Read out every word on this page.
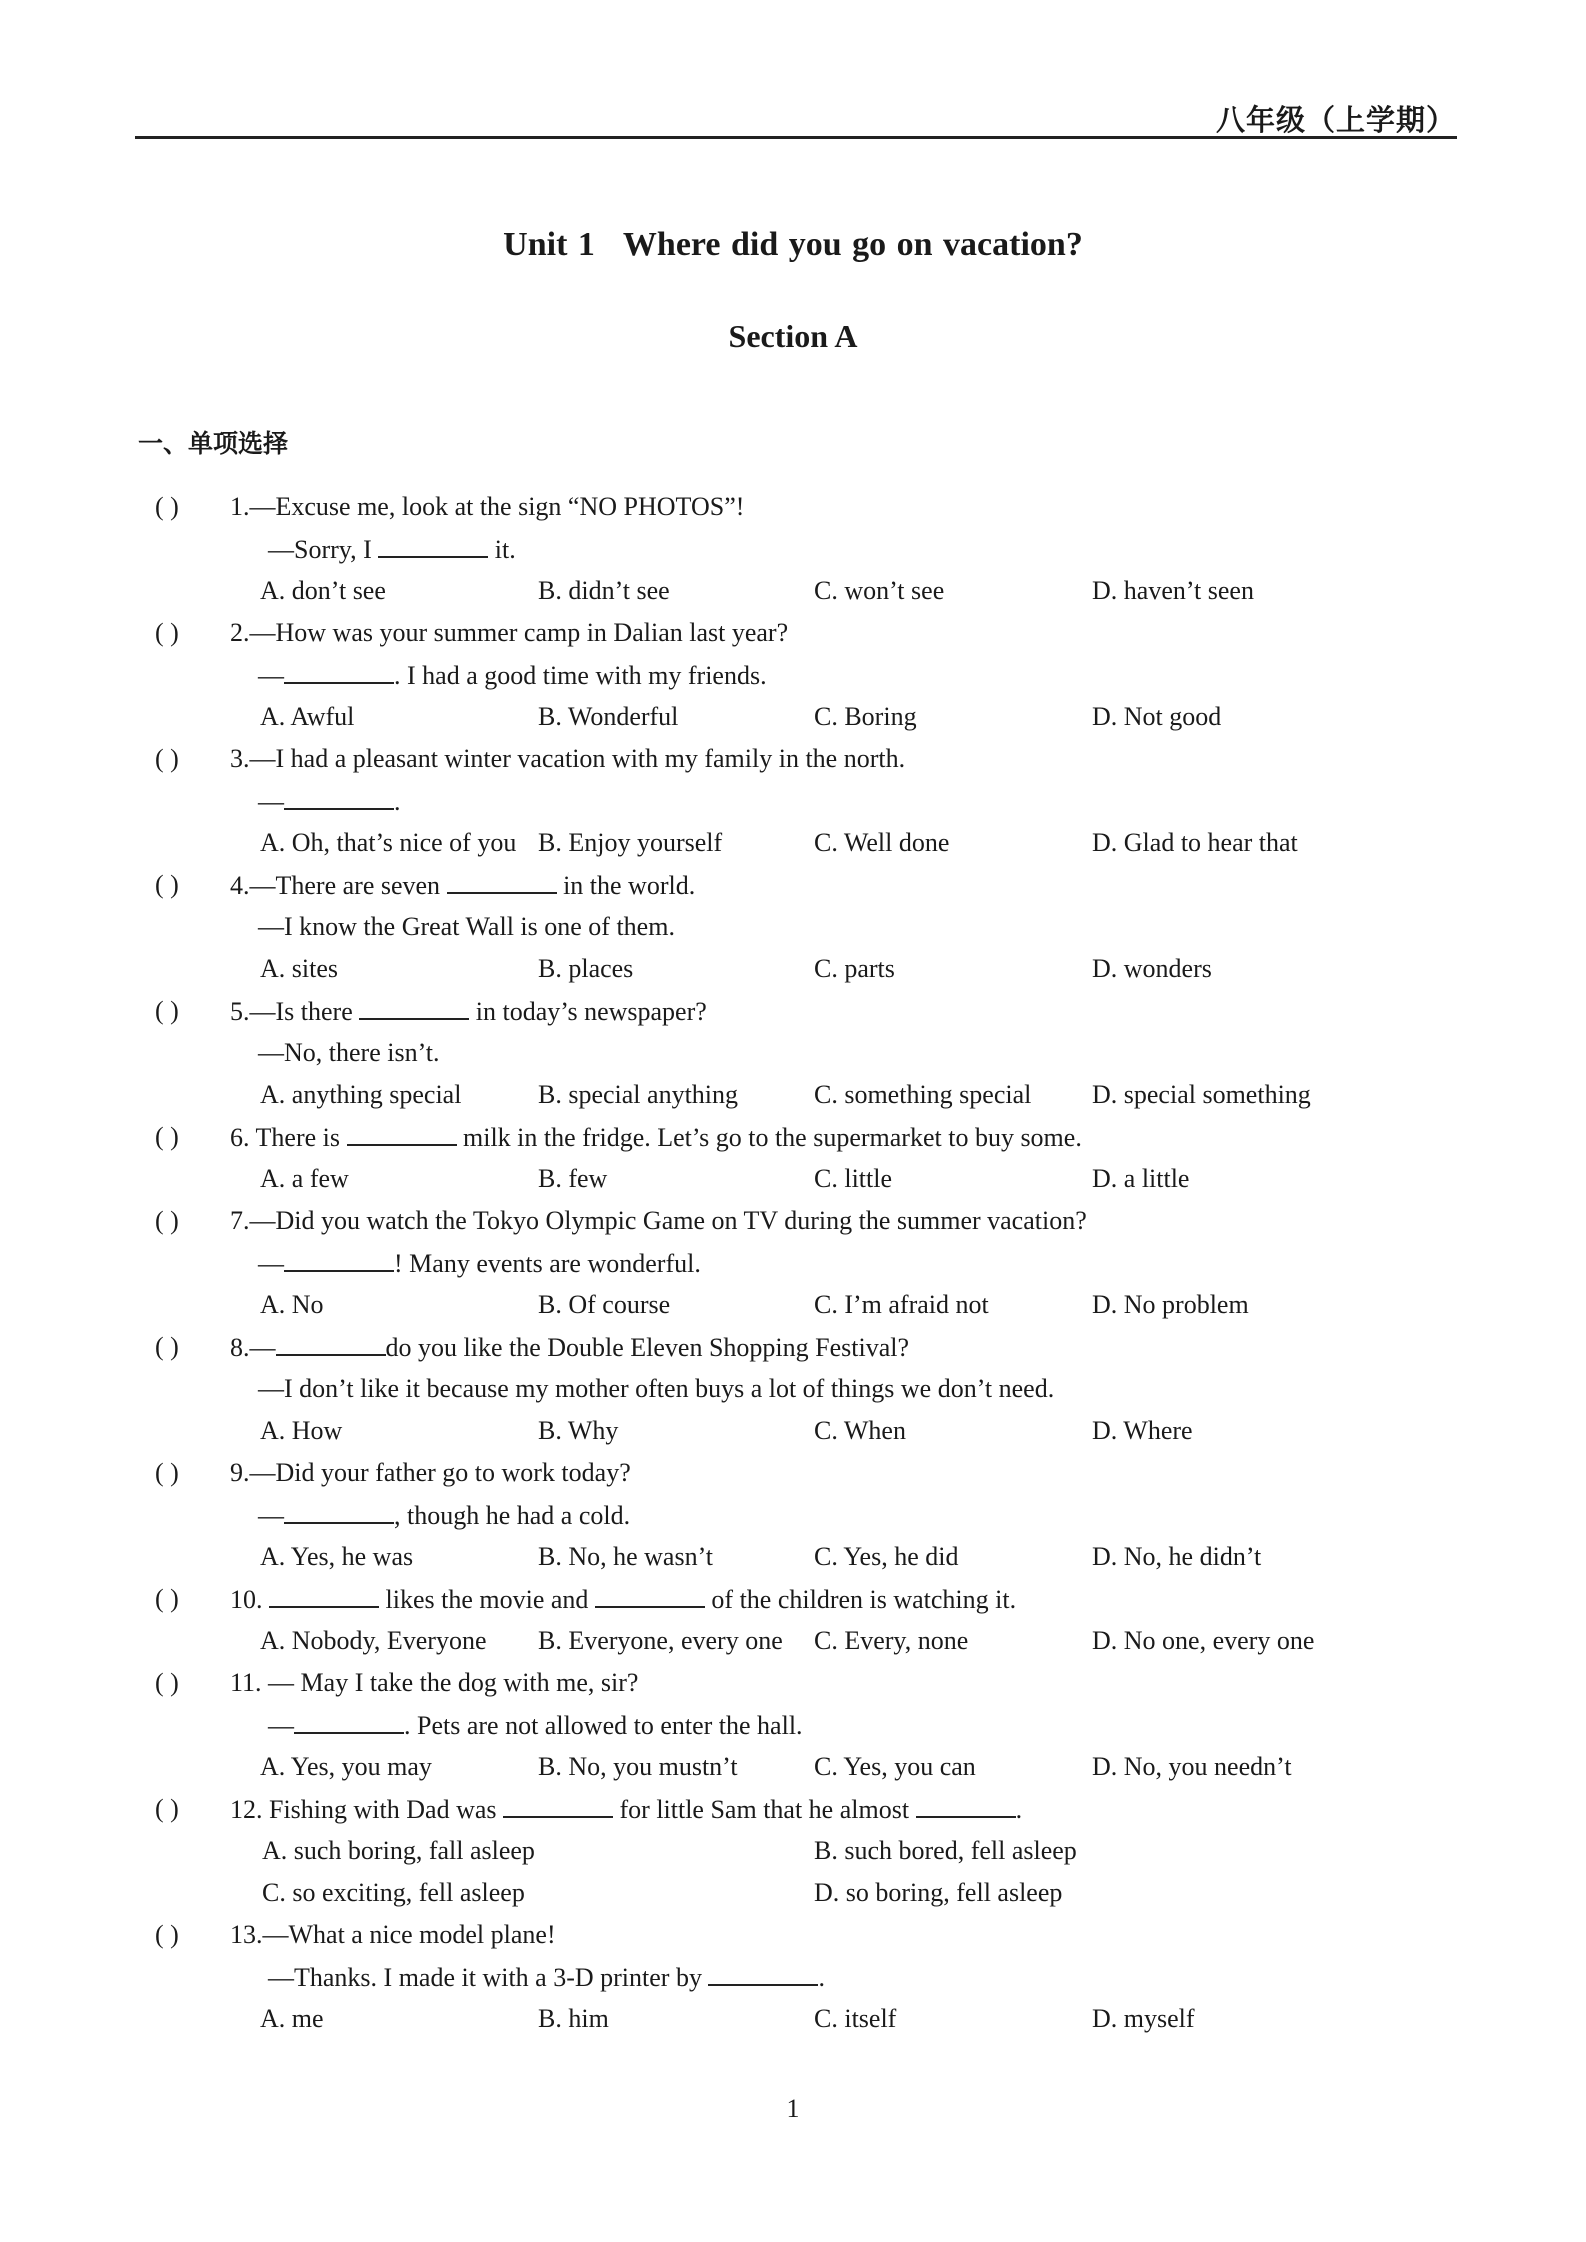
八年级（上学期）
Unit 1 Where did you go on vacation?
Section A
一、单项选择
( ) 1.—Excuse me, look at the sign “NO PHOTOS”!
—Sorry, I	it.
A. don’t see	B. didn’t see	C. won’t see	D. haven’t seen
( ) 2.—How was your summer camp in Dalian last year?
—	. I had a good time with my friends.
A. Awful	B. Wonderful	C. Boring	D. Not good
( ) 3.—I had a pleasant winter vacation with my family in the north.
—	.
A. Oh, that’s nice of you B. Enjoy yourself	C. Well done	D. Glad to hear that
( ) 4.—There are seven	in the world.
—I know the Great Wall is one of them.
A. sites	B. places	C. parts	D. wonders
( ) 5.—Is there	in today’s newspaper?
—No, there isn’t.
A. anything special	B. special anything	C. something special D. special something
( ) 6. There is	milk in the fridge. Let’s go to the supermarket to buy some.
A. a few	B. few	C. little	D. a little
( ) 7.—Did you watch the Tokyo Olympic Game on TV during the summer vacation?
—	! Many events are wonderful.
A. No	B. Of course	C. I’m afraid not	D. No problem
( ) 8.—	do you like the Double Eleven Shopping Festival?
—I don’t like it because my mother often buys a lot of things we don’t need.
A. How	B. Why	C. When	D. Where
( ) 9.—Did your father go to work today?
—	, though he had a cold.
A. Yes, he was	B. No, he wasn’t	C. Yes, he did	D. No, he didn’t
( ) 10.	likes the movie and	of the children is watching it.
A. Nobody, Everyone B. Everyone, every one C. Every, none	D. No one, every one
( ) 11. — May I take the dog with me, sir?
—	. Pets are not allowed to enter the hall.
A. Yes, you may	B. No, you mustn’t	C. Yes, you can	D. No, you needn’t
( ) 12. Fishing with Dad was	for little Sam that he almost	.
A. such boring, fall asleep	B. such bored, fell asleep
C. so exciting, fell asleep	D. so boring, fell asleep
( ) 13.—What a nice model plane!
—Thanks. I made it with a 3-D printer by	.
A. me	B. him	C. itself	D. myself
1
